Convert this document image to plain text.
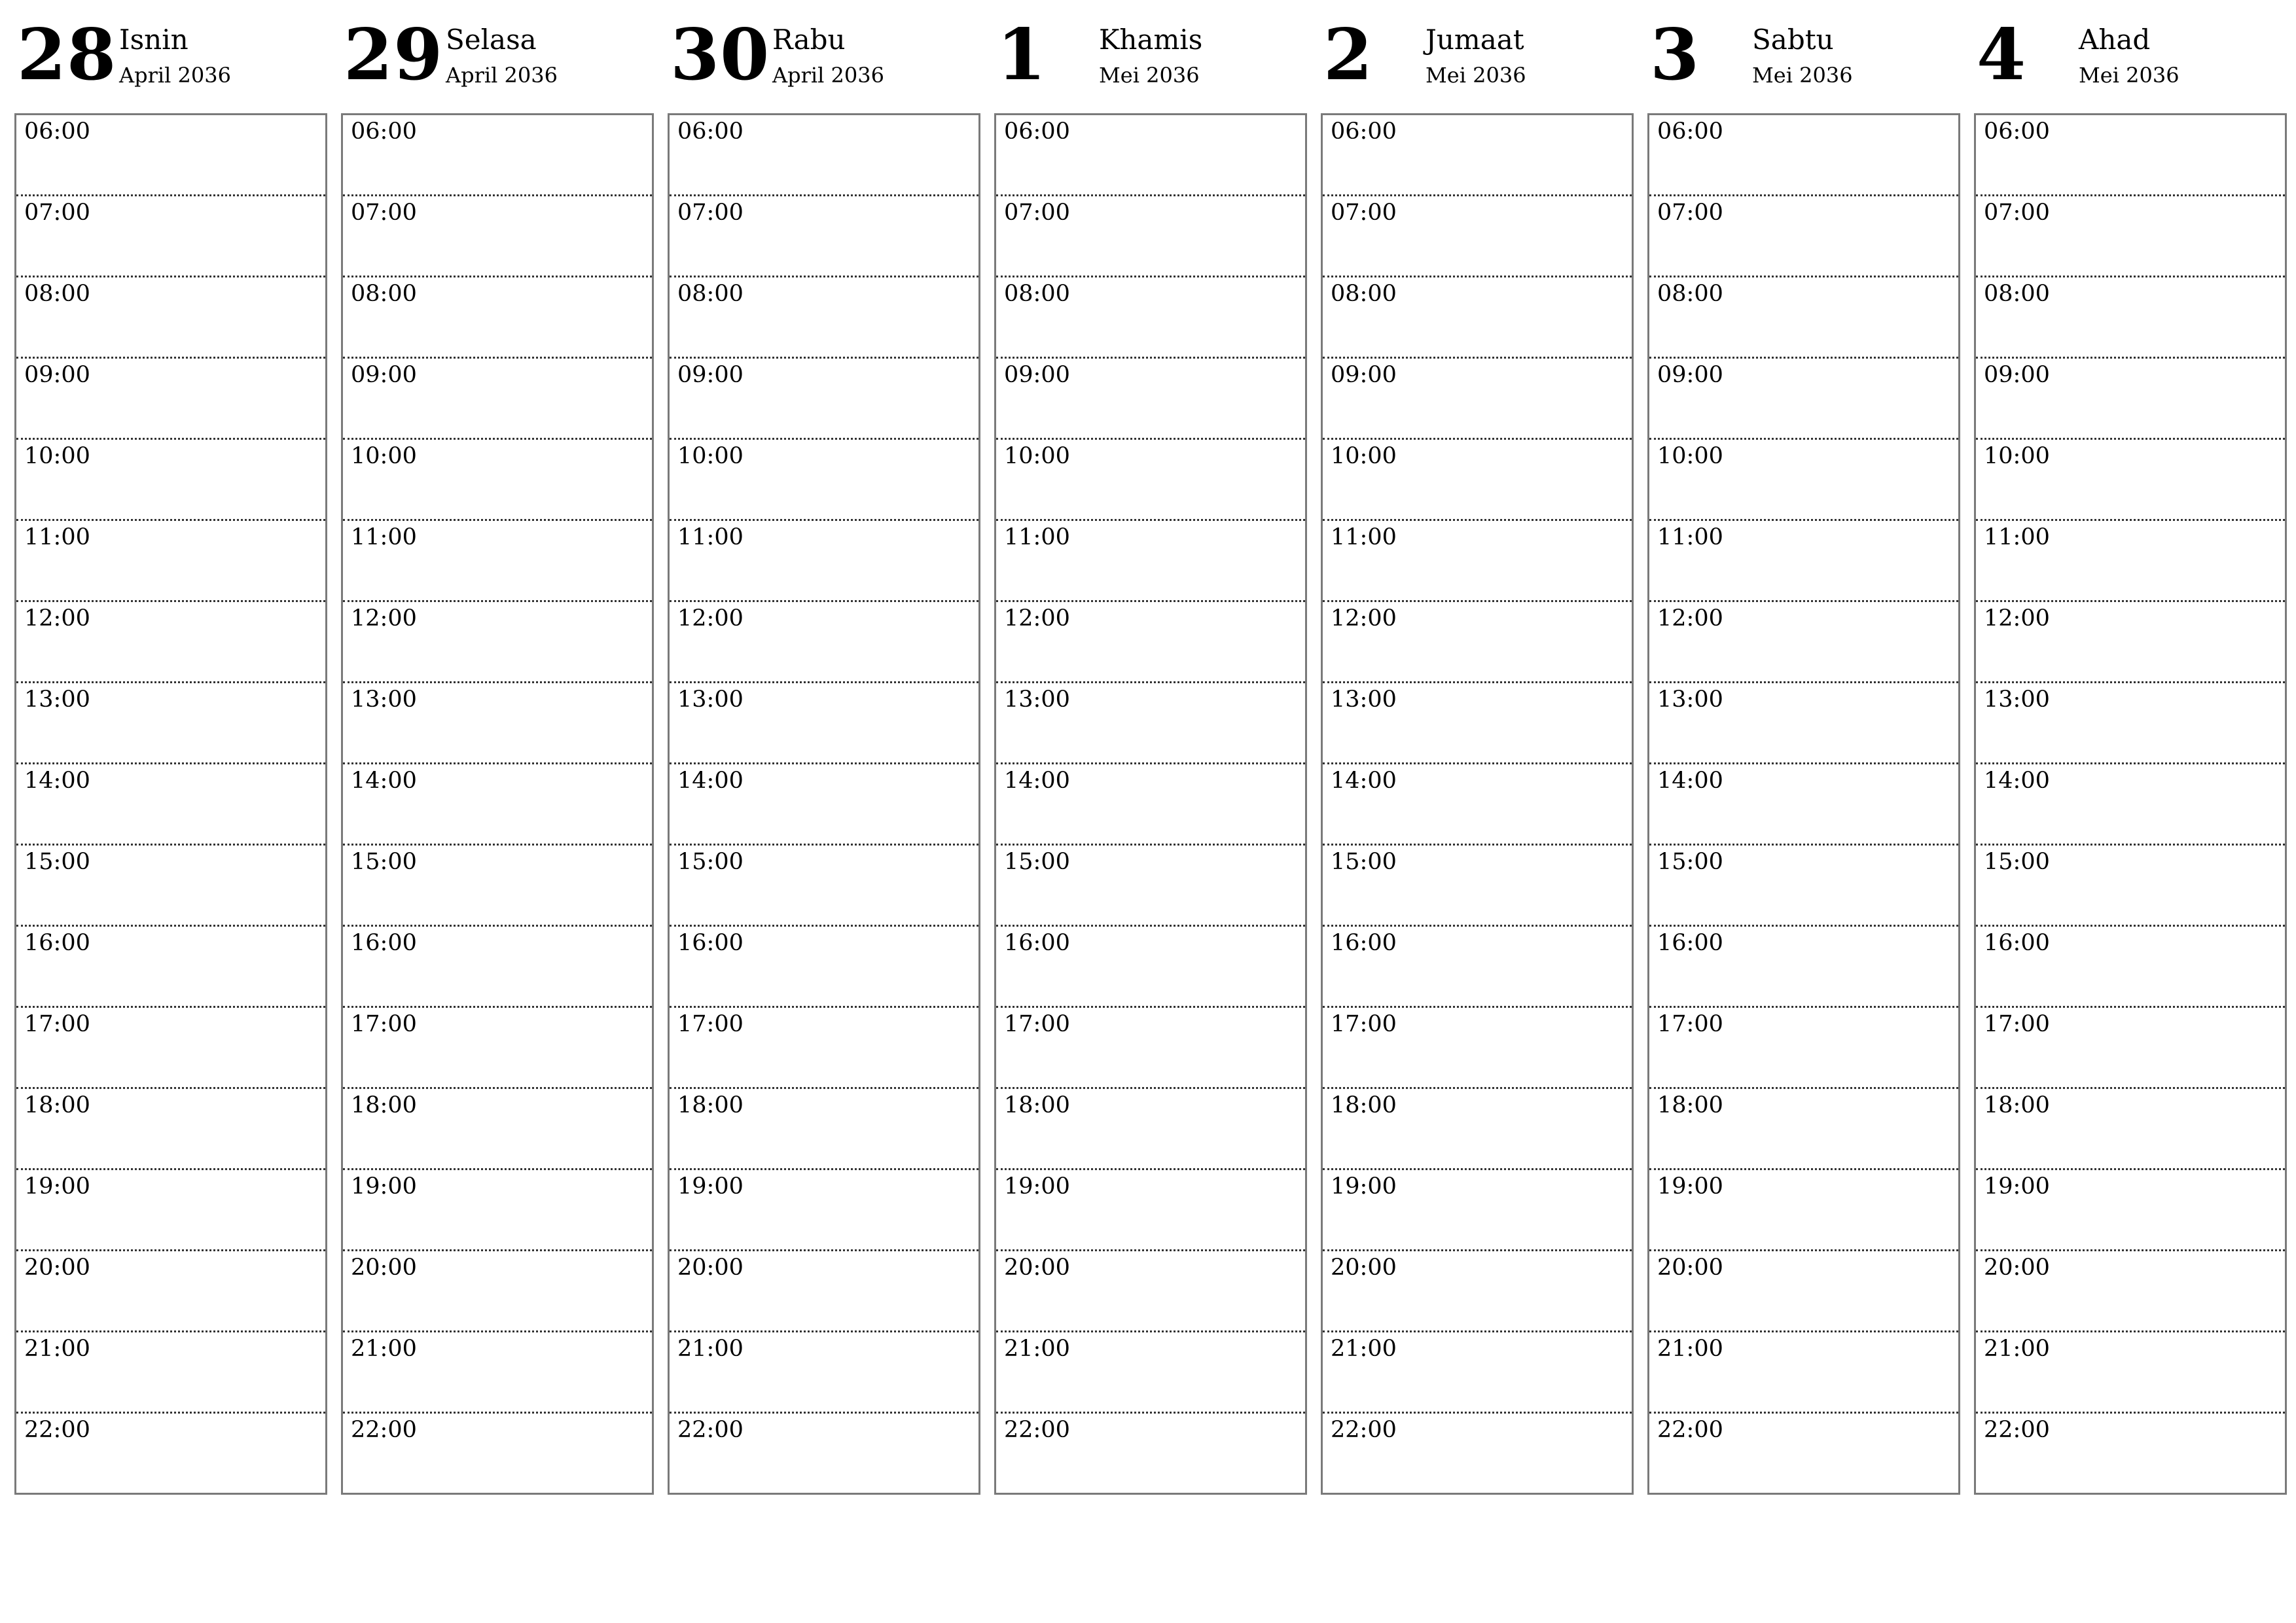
28 Isnin
April 2036
06:00
07:00
08:00
09:00
10:00
11:00
12:00
13:00
14:00
15:00
16:00
17:00
18:00
19:00
20:00
21:00
22:00
29 Selasa
April 2036
06:00
07:00
08:00
09:00
10:00
11:00
12:00
13:00
14:00
15:00
16:00
17:00
18:00
19:00
20:00
21:00
22:00
30 Rabu
April 2036
06:00
07:00
08:00
09:00
10:00
11:00
12:00
13:00
14:00
15:00
16:00
17:00
18:00
19:00
20:00
21:00
22:00
1 Khamis
Mei 2036
06:00
07:00
08:00
09:00
10:00
11:00
12:00
13:00
14:00
15:00
16:00
17:00
18:00
19:00
20:00
21:00
22:00
2 Jumaat
Mei 2036
06:00
07:00
08:00
09:00
10:00
11:00
12:00
13:00
14:00
15:00
16:00
17:00
18:00
19:00
20:00
21:00
22:00
3 Sabtu
Mei 2036
06:00
07:00
08:00
09:00
10:00
11:00
12:00
13:00
14:00
15:00
16:00
17:00
18:00
19:00
20:00
21:00
22:00
4 Ahad
Mei 2036
06:00
07:00
08:00
09:00
10:00
11:00
12:00
13:00
14:00
15:00
16:00
17:00
18:00
19:00
20:00
21:00
22:00
